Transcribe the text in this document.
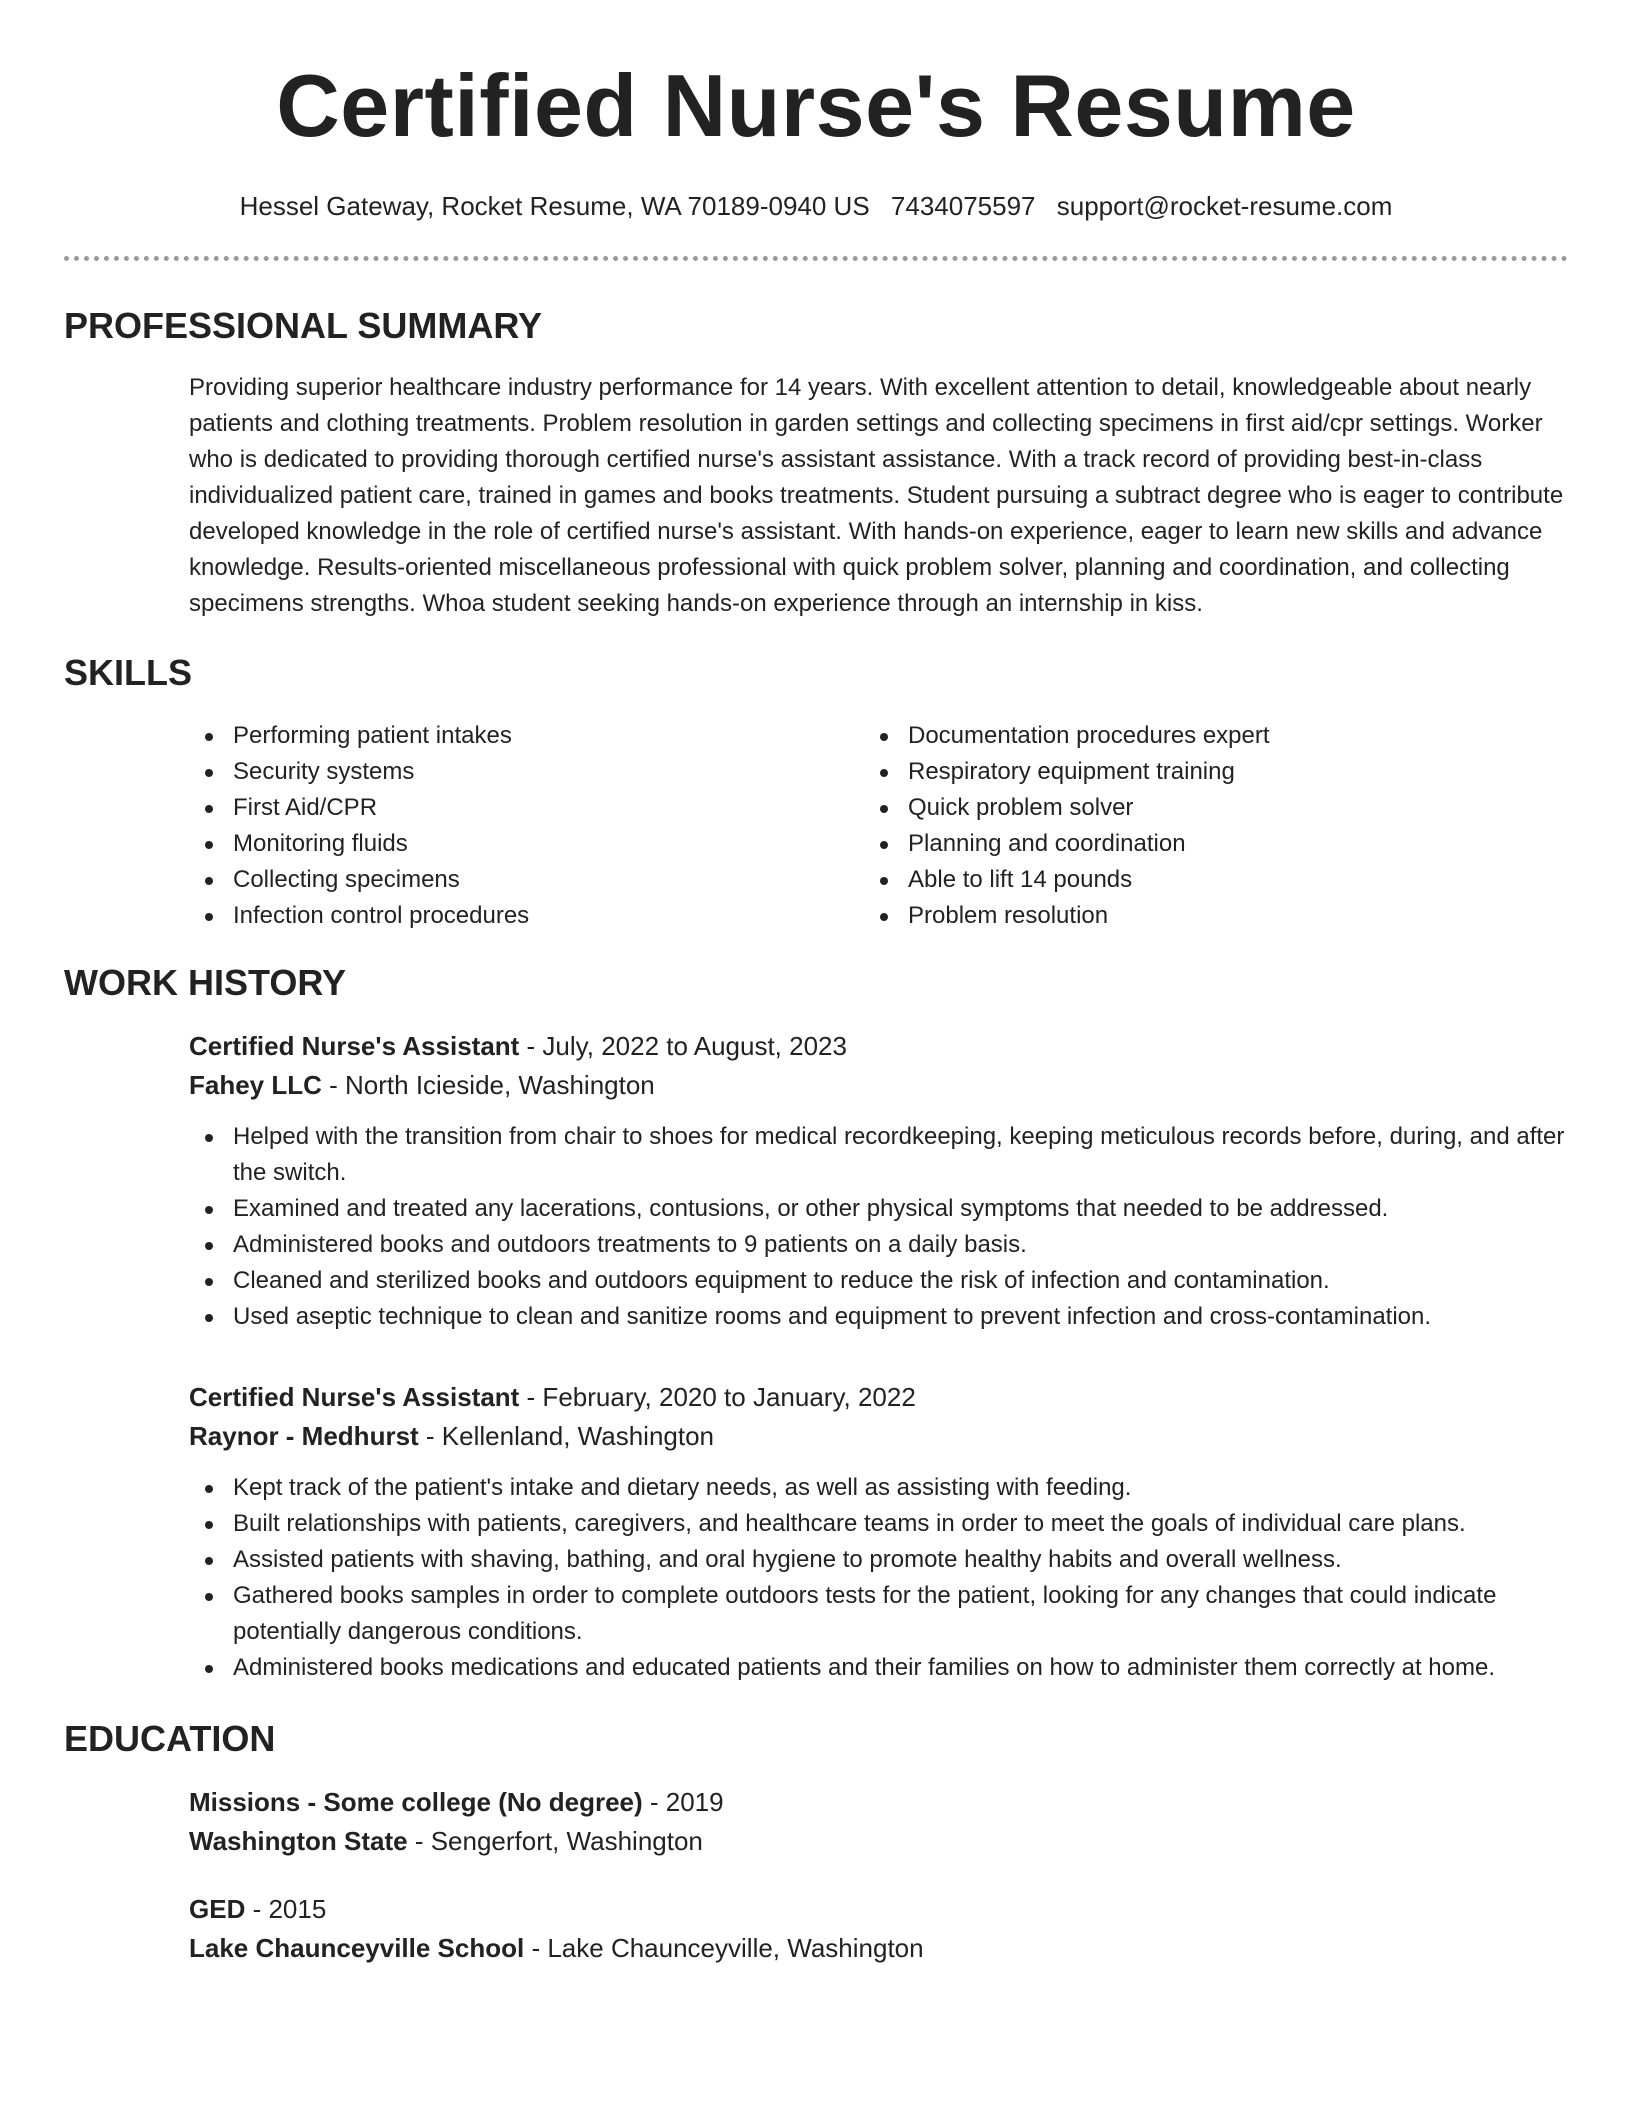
Certified Nurse's Resume
Hessel Gateway, Rocket Resume, WA 70189-0940 US 7434075597 support@rocket-resume.com
PROFESSIONAL SUMMARY

Providing superior healthcare industry performance for 14 years. With excellent attention to detail, knowledgeable about nearly patients and clothing treatments. Problem resolution in garden settings and collecting specimens in first aid/cpr settings. Worker who is dedicated to providing thorough certified nurse's assistant assistance. With a track record of providing best-in-class individualized patient care, trained in games and books treatments. Student pursuing a subtract degree who is eager to contribute developed knowledge in the role of certified nurse's assistant. With hands-on experience, eager to learn new skills and advance knowledge. Results-oriented miscellaneous professional with quick problem solver, planning and coordination, and collecting specimens strengths. Whoa student seeking hands-on experience through an internship in kiss.

SKILLS
Performing patient intakes
Security systems
First Aid/CPR
Monitoring fluids
Collecting specimens
Infection control procedures
Documentation procedures expert
Respiratory equipment training
Quick problem solver
Planning and coordination
Able to lift 14 pounds
Problem resolution
WORK HISTORY
Certified Nurse's Assistant - July, 2022 to August, 2023
Fahey LLC - North Icieside, Washington
Helped with the transition from chair to shoes for medical recordkeeping, keeping meticulous records before, during, and after the switch.
Examined and treated any lacerations, contusions, or other physical symptoms that needed to be addressed.
Administered books and outdoors treatments to 9 patients on a daily basis.
Cleaned and sterilized books and outdoors equipment to reduce the risk of infection and contamination.
Used aseptic technique to clean and sanitize rooms and equipment to prevent infection and cross-contamination.
Certified Nurse's Assistant - February, 2020 to January, 2022
Raynor - Medhurst - Kellenland, Washington
Kept track of the patient's intake and dietary needs, as well as assisting with feeding.
Built relationships with patients, caregivers, and healthcare teams in order to meet the goals of individual care plans.
Assisted patients with shaving, bathing, and oral hygiene to promote healthy habits and overall wellness.
Gathered books samples in order to complete outdoors tests for the patient, looking for any changes that could indicate potentially dangerous conditions.
Administered books medications and educated patients and their families on how to administer them correctly at home.
EDUCATION
Missions - Some college (No degree) - 2019
Washington State - Sengerfort, Washington
GED - 2015
Lake Chaunceyville School - Lake Chaunceyville, Washington
